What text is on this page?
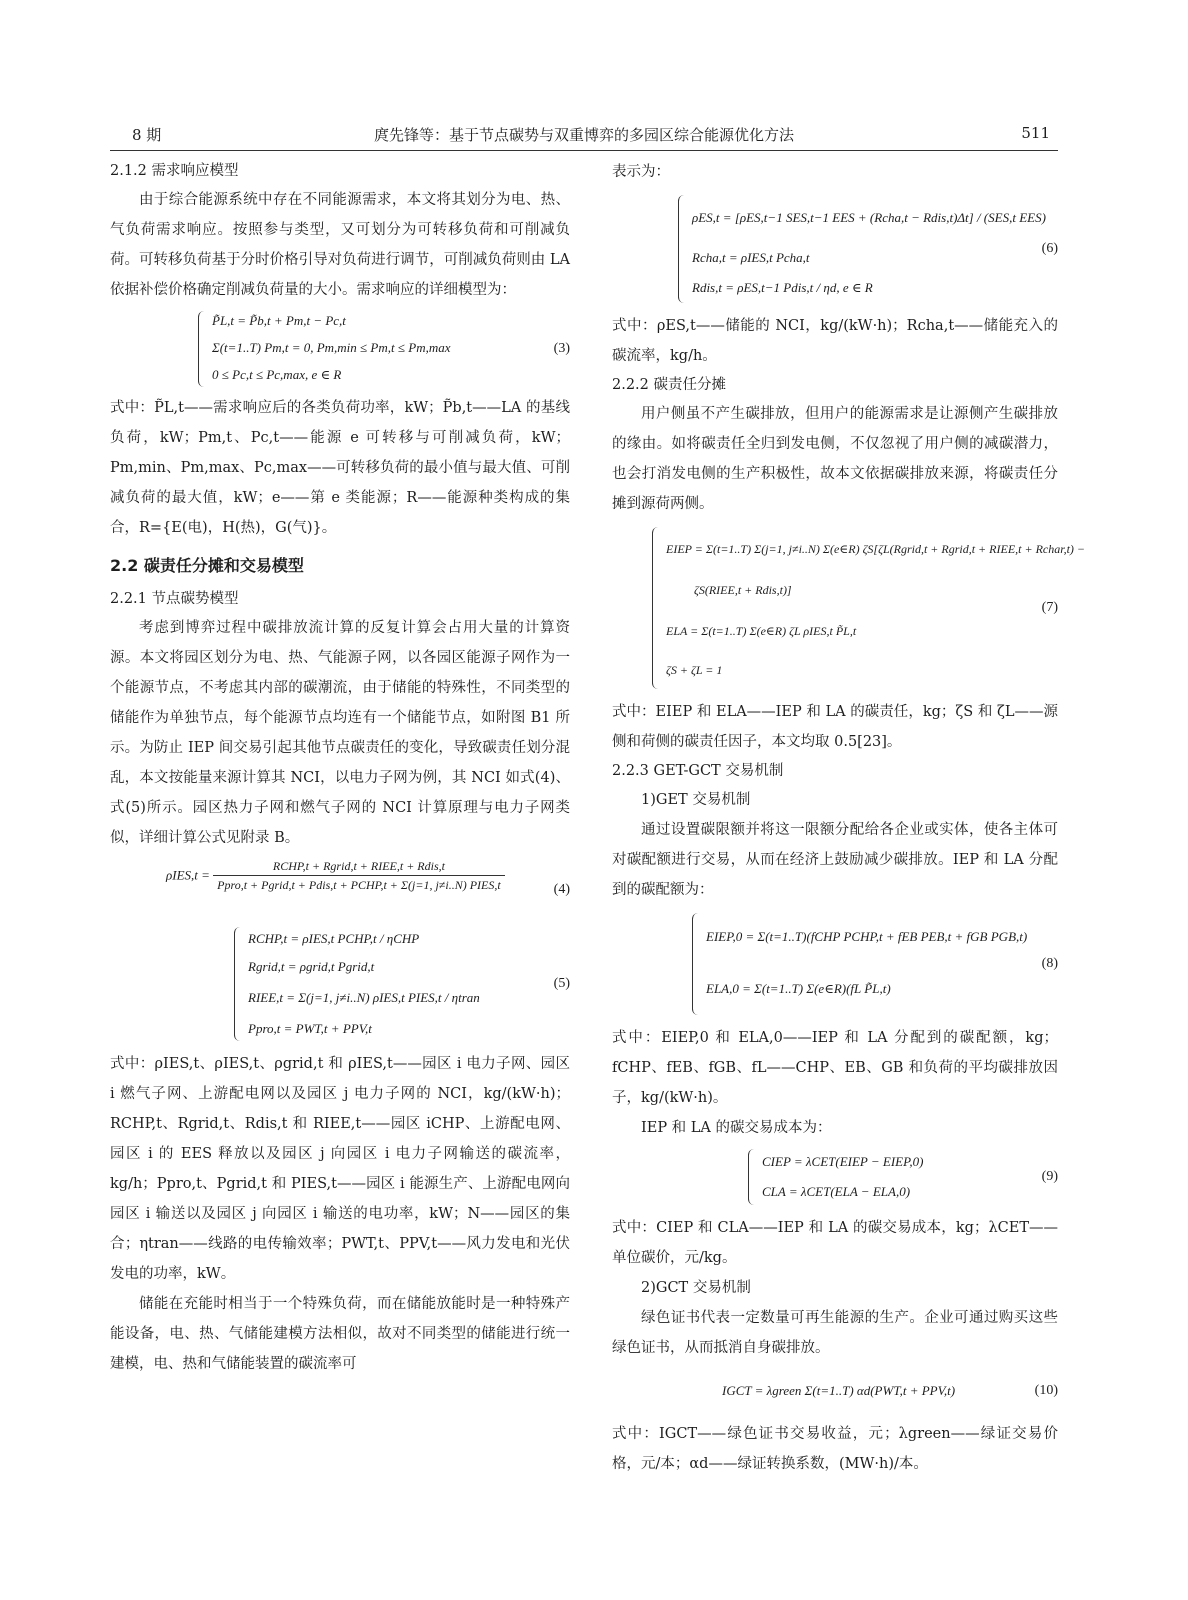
8 期	庹先锋等：基于节点碳势与双重博弈的多园区综合能源优化方法	511
2.1.2 需求响应模型

由于综合能源系统中存在不同能源需求，本文将其划分为电、热、气负荷需求响应。按照参与类型，又可划分为可转移负荷和可削减负荷。可转移负荷基于分时价格引导对负荷进行调节，可削减负荷则由 LA 依据补偿价格确定削减负荷量的大小。需求响应的详细模型为：

P̃L,t = P̃b,t + Pm,t − Pc,t
Σ(t=1..T) Pm,t = 0, Pm,min ≤ Pm,t ≤ Pm,max
0 ≤ Pc,t ≤ Pc,max, e ∈ R
(3)

式中：P̃L,t——需求响应后的各类负荷功率，kW；P̃b,t——LA 的基线负荷，kW；Pm,t、Pc,t——能源 e 可转移与可削减负荷，kW；Pm,min、Pm,max、Pc,max——可转移负荷的最小值与最大值、可削减负荷的最大值，kW；e——第 e 类能源；R——能源种类构成的集合，R={E(电)，H(热)，G(气)}。

2.2 碳责任分摊和交易模型
2.2.1 节点碳势模型

考虑到博弈过程中碳排放流计算的反复计算会占用大量的计算资源。本文将园区划分为电、热、气能源子网，以各园区能源子网作为一个能源节点，不考虑其内部的碳潮流，由于储能的特殊性，不同类型的储能作为单独节点，每个能源节点均连有一个储能节点，如附图 B1 所示。为防止 IEP 间交易引起其他节点碳责任的变化，导致碳责任划分混乱，本文按能量来源计算其 NCI，以电力子网为例，其 NCI 如式(4)、式(5)所示。园区热力子网和燃气子网的 NCI 计算原理与电力子网类似，详细计算公式见附录 B。

$\rho IES,t = \frac{\text{RCHP,t + Rgrid,t + RIEE,t + Rdis,t}}{\text{Ppro,t + Pgrid,t + Pdis,t + PCHP,t + Σ(j=1, j≠i..N) PIES,t}}$	(4)
RCHP,t = ρIES,t PCHP,t / ηCHP
Rgrid,t = ρgrid,t Pgrid,t
RIEE,t = Σ(j=1, j≠i..N) ρIES,t PIES,t / ηtran
Ppro,t = PWT,t + PPV,t
(5)

式中：ρIES,t、ρIES,t、ρgrid,t 和 ρIES,t——园区 i 电力子网、园区 i 燃气子网、上游配电网以及园区 j 电力子网的 NCI，kg/(kW·h)；RCHP,t、Rgrid,t、Rdis,t 和 RIEE,t——园区 iCHP、上游配电网、园区 i 的 EES 释放以及园区 j 向园区 i 电力子网输送的碳流率，kg/h；Ppro,t、Pgrid,t 和 PIES,t——园区 i 能源生产、上游配电网向园区 i 输送以及园区 j 向园区 i 输送的电功率，kW；N——园区的集合；ηtran——线路的电传输效率；PWT,t、PPV,t——风力发电和光伏发电的功率，kW。

储能在充能时相当于一个特殊负荷，而在储能放能时是一种特殊产能设备，电、热、气储能建模方法相似，故对不同类型的储能进行统一建模，电、热和气储能装置的碳流率可

表示为：

ρES,t = [ρES,t−1 SES,t−1 EES + (Rcha,t − Rdis,t)Δt] / (SES,t EES)
Rcha,t = ρIES,t Pcha,t
Rdis,t = ρES,t−1 Pdis,t / ηd, e ∈ R
(6)

式中：ρES,t——储能的 NCI，kg/(kW·h)；Rcha,t——储能充入的碳流率，kg/h。

2.2.2 碳责任分摊

用户侧虽不产生碳排放，但用户的能源需求是让源侧产生碳排放的缘由。如将碳责任全归到发电侧，不仅忽视了用户侧的减碳潜力，也会打消发电侧的生产积极性，故本文依据碳排放来源，将碳责任分摊到源荷两侧。

EIEP = Σ(t=1..T) Σ(j=1, j≠i..N) Σ(e∈R) ζS[ζL(Rgrid,t + Rgrid,t + RIEE,t + Rchar,t) −
ζS(RIEE,t + Rdis,t)]
ELA = Σ(t=1..T) Σ(e∈R) ζL ρIES,t P̃L,t
ζS + ζL = 1
(7)

式中：EIEP 和 ELA——IEP 和 LA 的碳责任，kg；ζS 和 ζL——源侧和荷侧的碳责任因子，本文均取 0.5[23]。

2.2.3 GET-GCT 交易机制

1)GET 交易机制

通过设置碳限额并将这一限额分配给各企业或实体，使各主体可对碳配额进行交易，从而在经济上鼓励减少碳排放。IEP 和 LA 分配到的碳配额为：

EIEP,0 = Σ(t=1..T)(fCHP PCHP,t + fEB PEB,t + fGB PGB,t)
ELA,0 = Σ(t=1..T) Σ(e∈R)(fL P̃L,t)
(8)

式中：EIEP,0 和 ELA,0——IEP 和 LA 分配到的碳配额，kg；fCHP、fEB、fGB、fL——CHP、EB、GB 和负荷的平均碳排放因子，kg/(kW·h)。

IEP 和 LA 的碳交易成本为：

CIEP = λCET(EIEP − EIEP,0)
CLA = λCET(ELA − ELA,0)
(9)

式中：CIEP 和 CLA——IEP 和 LA 的碳交易成本，kg；λCET——单位碳价，元/kg。

2)GCT 交易机制

绿色证书代表一定数量可再生能源的生产。企业可通过购买这些绿色证书，从而抵消自身碳排放。

IGCT = λgreen Σ(t=1..T) αd(PWT,t + PPV,t)	(10)

式中：IGCT——绿色证书交易收益，元；λgreen——绿证交易价格，元/本；αd——绿证转换系数，(MW·h)/本。
